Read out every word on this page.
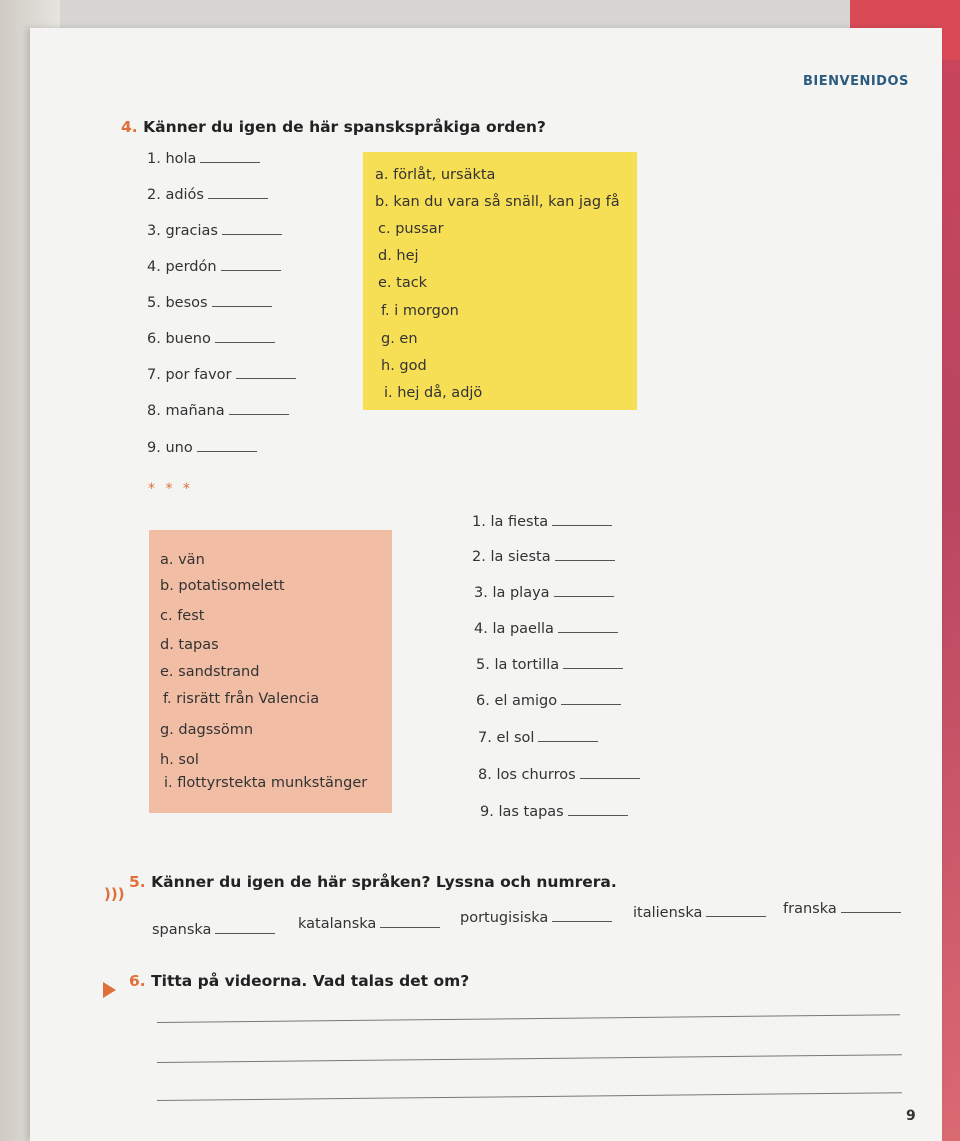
BIENVENIDOS
4. Känner du igen de här spanskspråkiga orden?
1. hola
2. adiós
3. gracias
4. perdón
5. besos
6. bueno
7. por favor
8. mañana
9. uno
a. förlåt, ursäkta
b. kan du vara så snäll, kan jag få
c. pussar
d. hej
e. tack
f. i morgon
g. en
h. god
i. hej då, adjö
* * *
a. vän
b. potatisomelett
c. fest
d. tapas
e. sandstrand
f. risrätt från Valencia
g. dagssömn
h. sol
i. flottyrstekta munkstänger
1. la fiesta
2. la siesta
3. la playa
4. la paella
5. la tortilla
6. el amigo
7. el sol
8. los churros
9. las tapas
)))
5. Känner du igen de här språken? Lyssna och numrera.
spanska	katalanska	portugisiska	italienska	franska
6. Titta på videorna. Vad talas det om?
9
